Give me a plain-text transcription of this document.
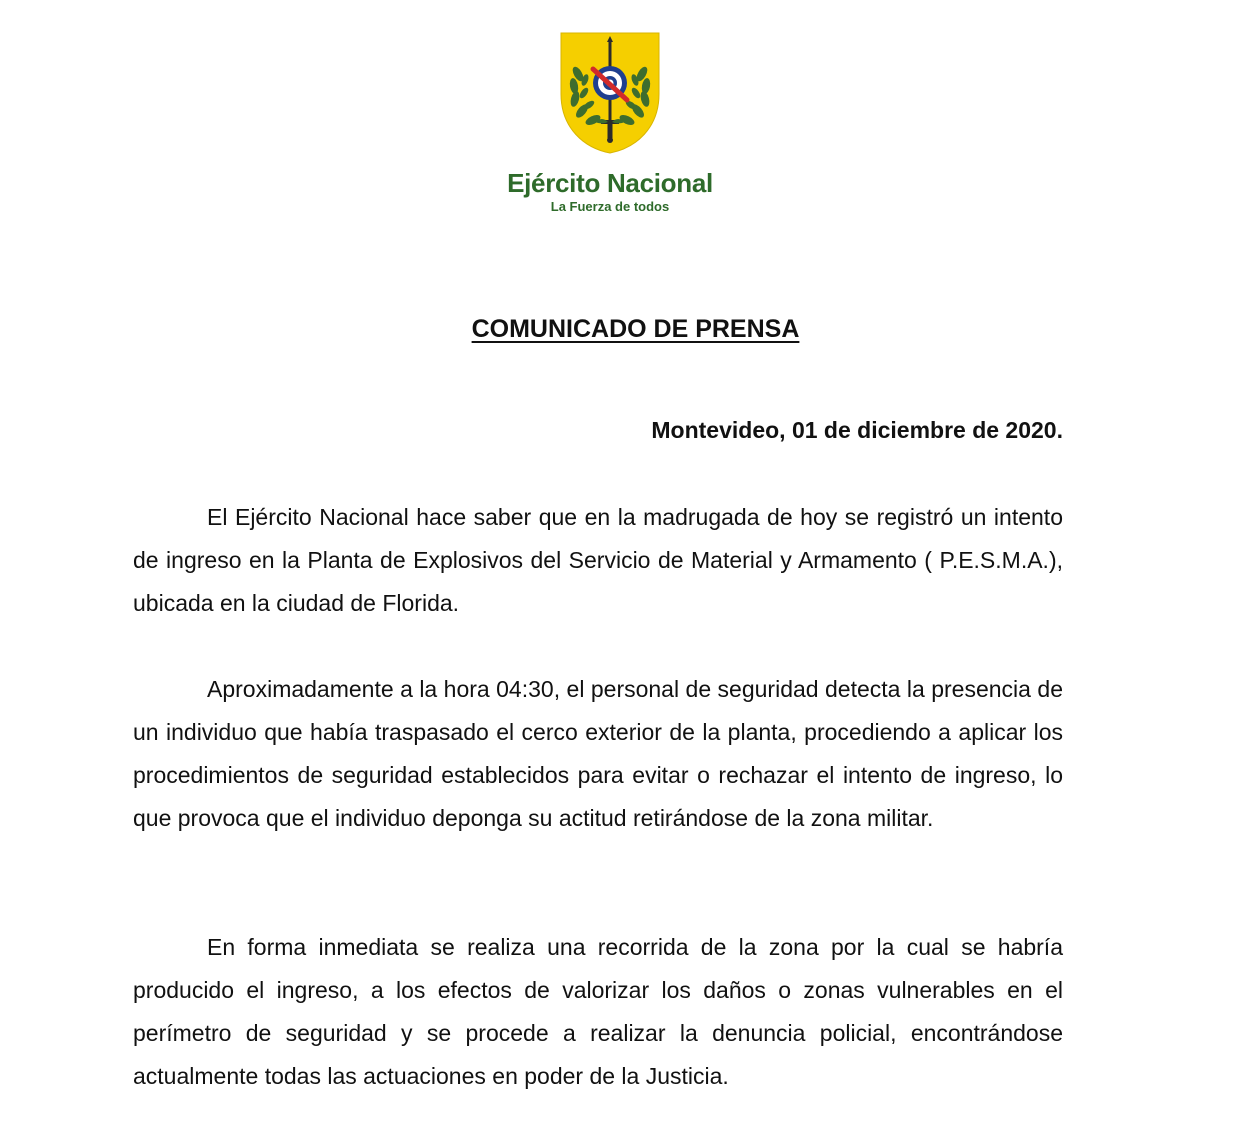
Ejército Nacional
La Fuerza de todos
COMUNICADO DE PRENSA
Montevideo, 01 de diciembre de 2020.

El Ejército Nacional hace saber que en la madrugada de hoy se registró un intento de ingreso en la Planta de Explosivos del Servicio de Material y Armamento ( P.E.S.M.A.), ubicada en la ciudad de Florida.

Aproximadamente a la hora 04:30, el personal de seguridad detecta la presencia de un individuo que había traspasado el cerco exterior de la planta, procediendo a aplicar los procedimientos de seguridad establecidos para evitar o rechazar el intento de ingreso, lo que provoca que el individuo deponga su actitud retirándose de la zona militar.

En forma inmediata se realiza una recorrida de la zona por la cual se habría producido el ingreso, a los efectos de valorizar los daños o zonas vulnerables en el perímetro de seguridad y se procede a realizar la denuncia policial, encontrándose actualmente todas las actuaciones en poder de la Justicia.
